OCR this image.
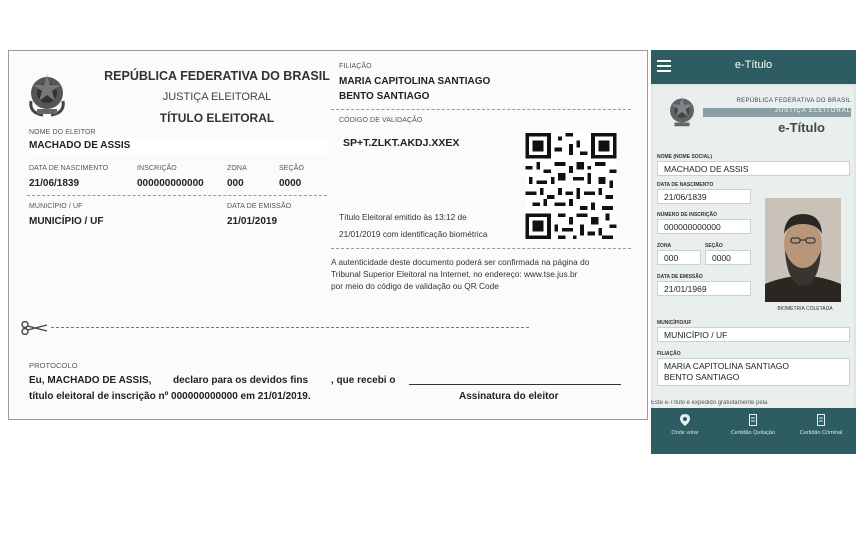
REPÚBLICA FEDERATIVA DO BRASIL
JUSTIÇA ELEITORAL
TÍTULO ELEITORAL
NOME DO ELEITOR
MACHADO DE ASSIS
DATA DE NASCIMENTO
21/06/1839
INSCRIÇÃO
000000000000
ZONA
000
SEÇÃO
0000
MUNICÍPIO / UF
MUNICÍPIO / UF
DATA DE EMISSÃO
21/01/2019
FILIAÇÃO
MARIA CAPITOLINA SANTIAGO
BENTO SANTIAGO
CÓDIGO DE VALIDAÇÃO
SP+T.ZLKT.AKDJ.XXEX
Título Eleitoral emitido às 13:12 de
21/01/2019 com identificação biométrica
A autenticidade deste documento poderá ser confirmada na página do
Tribunal Superior Eleitoral na Internet, no endereço: www.tse.jus.br
por meio do código de validação ou QR Code
PROTOCOLO
Eu, MACHADO DE ASSIS, declaro para os devidos fins , que recebi o
título eleitoral de inscrição nº 000000000000 em 21/01/2019.	Assinatura do eleitor
e-Título
REPÚBLICA FEDERATIVA DO BRASIL
JUSTIÇA ELEITORAL
e-Título
NOME (NOME SOCIAL)
MACHADO DE ASSIS
DATA DE NASCIMENTO
21/06/1839
NÚMERO DE INSCRIÇÃO
000000000000
ZONA
000
SEÇÃO
0000
DATA DE EMISSÃO
21/01/1969
BIOMETRIA COLETADA
MUNICÍPIO/UF
MUNICÍPIO / UF
FILIAÇÃO
MARIA CAPITOLINA SANTIAGO
BENTO SANTIAGO
Este e-Título é expedido gratuitamente pela
Onde votar	Certidão Quitação	Certidão Criminal
